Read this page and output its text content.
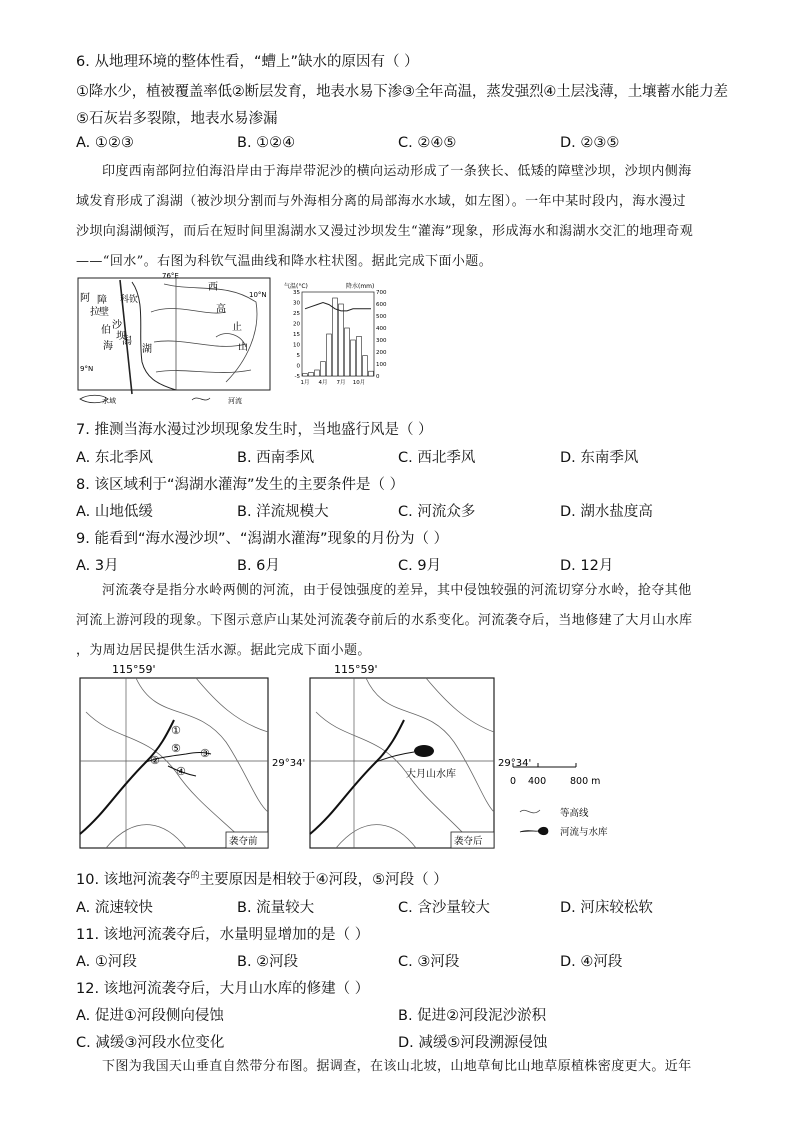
6. 从地理环境的整体性看，“螬上”缺水的原因有（ ）
①降水少，植被覆盖率低②断层发育，地表水易下渗③全年高温，蒸发强烈④土层浅薄，土壤蓄水能力差
⑤石灰岩多裂隙，地表水易渗漏
A. ①②③	B. ①②④	C. ②④⑤	D. ②③⑤

印度西南部阿拉伯海沿岸由于海岸带泥沙的横向运动形成了一条狭长、低矮的障壁沙坝，沙坝内侧海

域发育形成了潟湖（被沙坝分割而与外海相分离的局部海水水域，如左图）。一年中某时段内，海水漫过

沙坝向潟湖倾泻，而后在短时间里潟湖水又漫过沙坝发生“灌海”现象，形成海水和潟湖水交汇的地理奇观

——“回水”。右图为科钦气温曲线和降水柱状图。据此完成下面小题。

76°E
10°N
9°N
阿
拉
伯
海
障
壁
沙
坝
潟
湖
科钦
西
高
止
山
水域	河流
气温(°C)	降水(mm)
35
30
25
20
15
10
5
0
-5
700
600
500
400
300
200
100
0
1月 4月 7月 10月
7. 推测当海水漫过沙坝现象发生时，当地盛行风是（ ）
A. 东北季风	B. 西南季风	C. 西北季风	D. 东南季风
8. 该区域利于“潟湖水灌海”发生的主要条件是（ ）
A. 山地低缓	B. 洋流规模大	C. 河流众多	D. 湖水盐度高
9. 能看到“海水漫沙坝”、“潟湖水灌海”现象的月份为（ ）
A. 3月	B. 6月	C. 9月	D. 12月

河流袭夺是指分水岭两侧的河流，由于侵蚀强度的差异，其中侵蚀较强的河流切穿分水岭，抢夺其他

河流上游河段的现象。下图示意庐山某处河流袭夺前后的水系变化。河流袭夺后，当地修建了大月山水库

，为周边居民提供生活水源。据此完成下面小题。

115°59'
①
②
③
④
⑤
袭夺前
115°59'
29°34'	29°34'
大月山水库
袭夺后
0 400	800 m
等高线
河流与水库
10. 该地河流袭夺$^的$主要原因是相较于④河段，⑤河段（ ）
A. 流速较快	B. 流量较大	C. 含沙量较大	D. 河床较松软
11. 该地河流袭夺后，水量明显增加的是（ ）
A. ①河段	B. ②河段	C. ③河段	D. ④河段
12. 该地河流袭夺后，大月山水库的修建（ ）
A. 促进①河段侧向侵蚀	B. 促进②河段泥沙淤积
C. 减缓③河段水位变化	D. 减缓⑤河段溯源侵蚀

下图为我国天山垂直自然带分布图。据调查，在该山北坡，山地草甸比山地草原植株密度更大。近年
